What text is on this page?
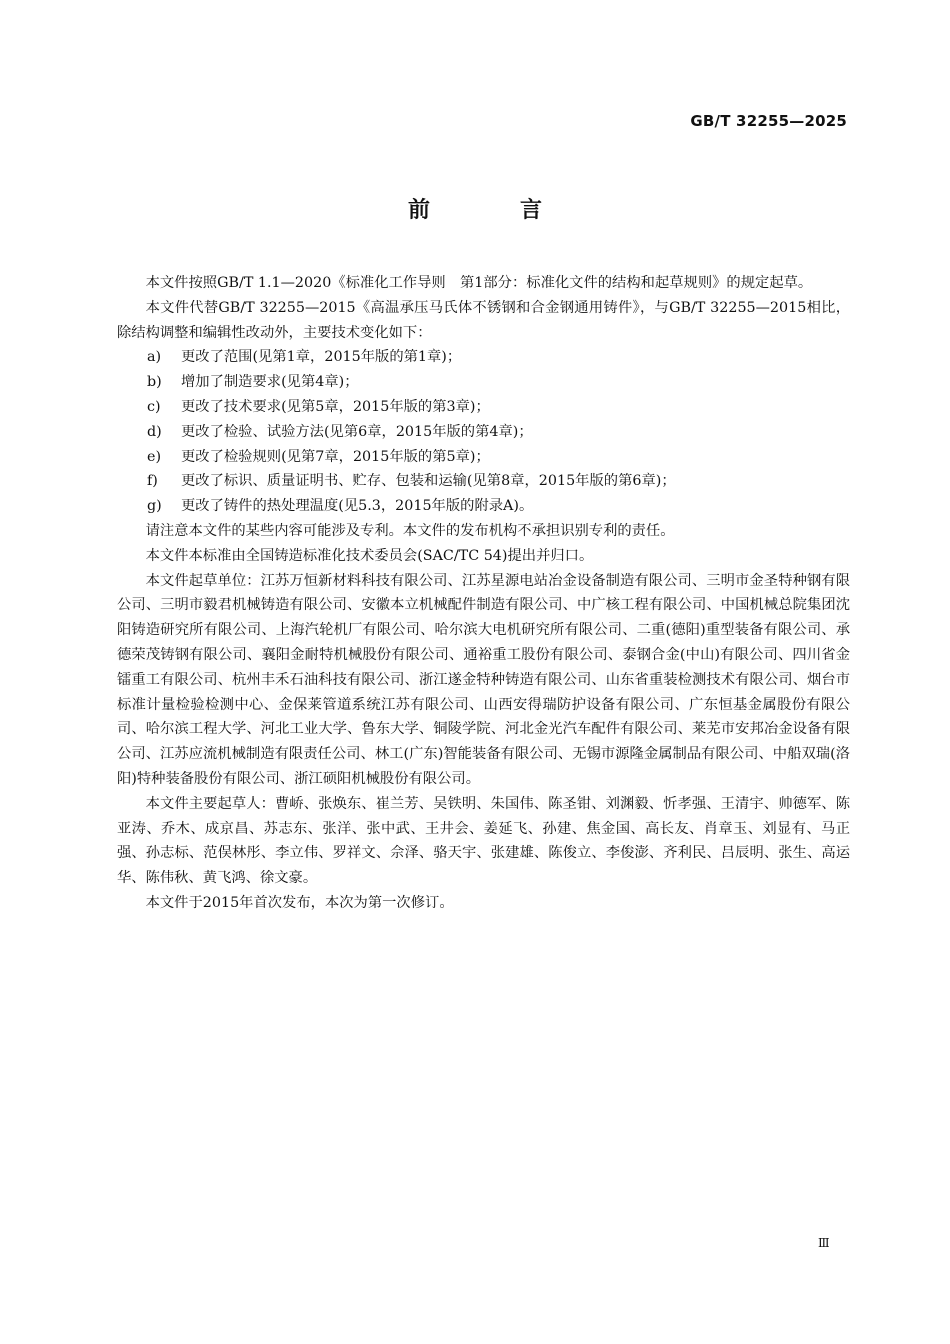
GB/T 32255—2025
前　言

本文件按照GB/T 1.1—2020《标准化工作导则　第1部分：标准化文件的结构和起草规则》的规定起草。

本文件代替GB/T 32255—2015《高温承压马氏体不锈钢和合金钢通用铸件》，与GB/T 32255—2015相比，除结构调整和编辑性改动外，主要技术变化如下：

a) 更改了范围(见第1章，2015年版的第1章)；

b) 增加了制造要求(见第4章)；

c) 更改了技术要求(见第5章，2015年版的第3章)；

d) 更改了检验、试验方法(见第6章，2015年版的第4章)；

e) 更改了检验规则(见第7章，2015年版的第5章)；

f) 更改了标识、质量证明书、贮存、包装和运输(见第8章，2015年版的第6章)；

g) 更改了铸件的热处理温度(见5.3，2015年版的附录A)。

请注意本文件的某些内容可能涉及专利。本文件的发布机构不承担识别专利的责任。

本文件本标准由全国铸造标准化技术委员会(SAC/TC 54)提出并归口。

本文件起草单位：江苏万恒新材料科技有限公司、江苏星源电站冶金设备制造有限公司、三明市金圣特种钢有限公司、三明市毅君机械铸造有限公司、安徽本立机械配件制造有限公司、中广核工程有限公司、中国机械总院集团沈阳铸造研究所有限公司、上海汽轮机厂有限公司、哈尔滨大电机研究所有限公司、二重(德阳)重型装备有限公司、承德荣茂铸钢有限公司、襄阳金耐特机械股份有限公司、通裕重工股份有限公司、泰钢合金(中山)有限公司、四川省金镭重工有限公司、杭州丰禾石油科技有限公司、浙江遂金特种铸造有限公司、山东省重装检测技术有限公司、烟台市标准计量检验检测中心、金保莱管道系统江苏有限公司、山西安得瑞防护设备有限公司、广东恒基金属股份有限公司、哈尔滨工程大学、河北工业大学、鲁东大学、铜陵学院、河北金光汽车配件有限公司、莱芜市安邦冶金设备有限公司、江苏应流机械制造有限责任公司、林工(广东)智能装备有限公司、无锡市源隆金属制品有限公司、中船双瑞(洛阳)特种装备股份有限公司、浙江硕阳机械股份有限公司。

本文件主要起草人：曹峤、张焕东、崔兰芳、吴铁明、朱国伟、陈圣钳、刘渊毅、忻孝强、王清宇、帅德军、陈亚涛、乔木、成京昌、苏志东、张洋、张中武、王井会、姜延飞、孙建、焦金国、高长友、肖章玉、刘显有、马正强、孙志标、范俣林彤、李立伟、罗祥文、佘泽、骆天宇、张建雄、陈俊立、李俊澎、齐利民、吕辰明、张生、高运华、陈伟秋、黄飞鸿、徐文豪。

本文件于2015年首次发布，本次为第一次修订。

Ⅲ
